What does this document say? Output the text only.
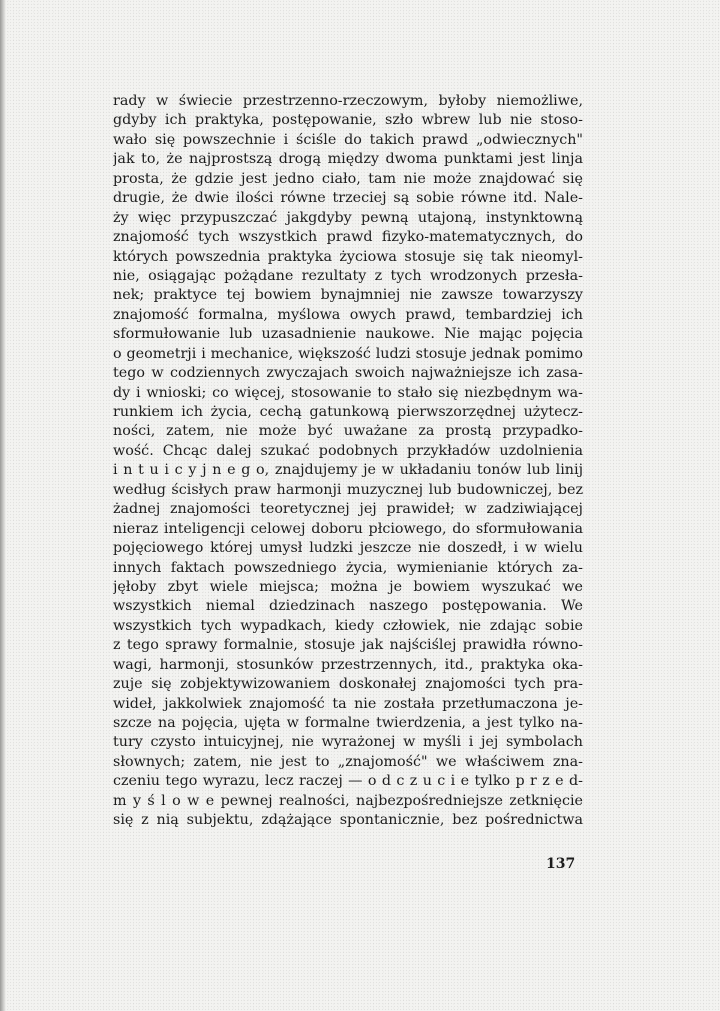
rady w świecie przestrzenno-rzeczowym, byłoby niemożliwe,
gdyby ich praktyka, postępowanie, szło wbrew lub nie stoso-
wało się powszechnie i ściśle do takich prawd „odwiecznych"
jak to, że najprostszą drogą między dwoma punktami jest linja
prosta, że gdzie jest jedno ciało, tam nie może znajdować się
drugie, że dwie ilości równe trzeciej są sobie równe itd. Nale-
ży więc przypuszczać jakgdyby pewną utajoną, instynktowną
znajomość tych wszystkich prawd fizyko-matematycznych, do
których powszednia praktyka życiowa stosuje się tak nieomyl-
nie, osiągając pożądane rezultaty z tych wrodzonych przesła-
nek; praktyce tej bowiem bynajmniej nie zawsze towarzyszy
znajomość formalna, myślowa owych prawd, tembardziej ich
sformułowanie lub uzasadnienie naukowe. Nie mając pojęcia
o geometrji i mechanice, większość ludzi stosuje jednak pomimo
tego w codziennych zwyczajach swoich najważniejsze ich zasa-
dy i wnioski; co więcej, stosowanie to stało się niezbędnym wa-
runkiem ich życia, cechą gatunkową pierwszorzędnej użytecz-
ności, zatem, nie może być uważane za prostą przypadko-
wość. Chcąc dalej szukać podobnych przykładów uzdolnienia
i n t u i c y j n e g o, znajdujemy je w układaniu tonów lub linij
według ścisłych praw harmonji muzycznej lub budowniczej, bez
żadnej znajomości teoretycznej jej prawideł; w zadziwiającej
nieraz inteligencji celowej doboru płciowego, do sformułowania
pojęciowego której umysł ludzki jeszcze nie doszedł, i w wielu
innych faktach powszedniego życia, wymienianie których za-
jęłoby zbyt wiele miejsca; można je bowiem wyszukać we
wszystkich niemal dziedzinach naszego postępowania. We
wszystkich tych wypadkach, kiedy człowiek, nie zdając sobie
z tego sprawy formalnie, stosuje jak najściślej prawidła równo-
wagi, harmonji, stosunków przestrzennych, itd., praktyka oka-
zuje się zobjektywizowaniem doskonałej znajomości tych pra-
wideł, jakkolwiek znajomość ta nie została przetłumaczona je-
szcze na pojęcia, ujęta w formalne twierdzenia, a jest tylko na-
tury czysto intuicyjnej, nie wyrażonej w myśli i jej symbolach
słownych; zatem, nie jest to „znajomość" we właściwem zna-
czeniu tego wyrazu, lecz raczej — o d c z u c i e tylko p r z e d-
m y ś l o w e pewnej realności, najbezpośredniejsze zetknięcie
się z nią subjektu, zdążające spontanicznie, bez pośrednictwa
137
